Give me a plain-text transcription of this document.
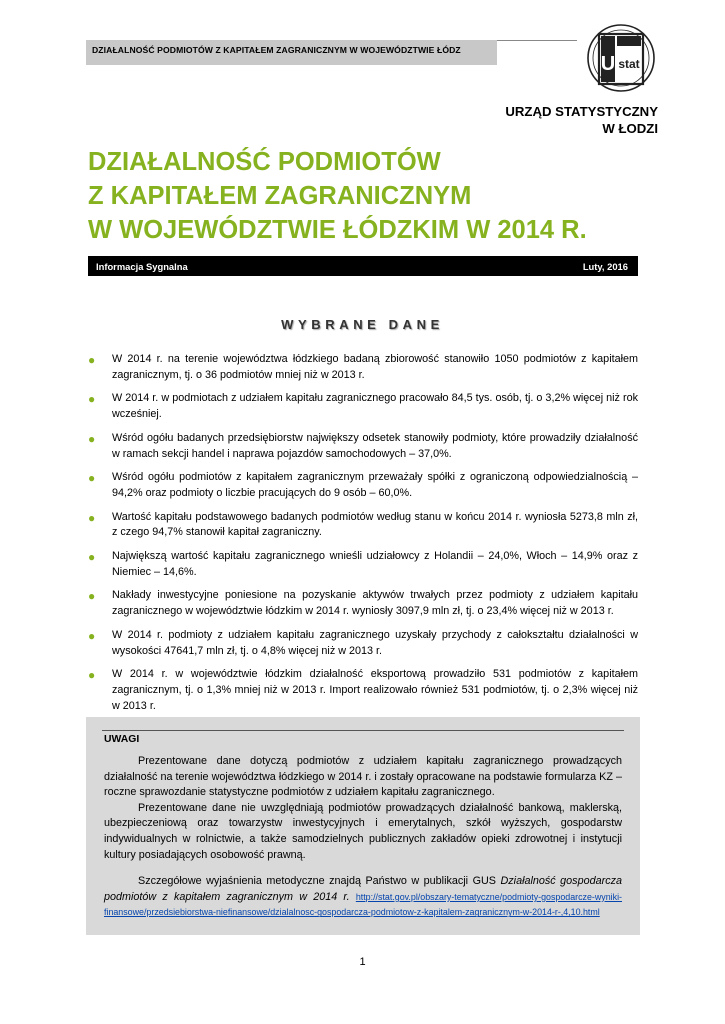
DZIAŁALNOŚĆ PODMIOTÓW Z KAPITAŁEM ZAGRANICZNYM W WOJEWÓDZTWIE ŁÓDZ
U stat
URZĄD STATYSTYCZNY
W ŁODZI
DZIAŁALNOŚĆ PODMIOTÓW
Z KAPITAŁEM ZAGRANICZNYM
W WOJEWÓDZTWIE ŁÓDZKIM W 2014 R.
Informacja Sygnalna	Luty, 2016
WYBRANE DANE
● W 2014 r. na terenie województwa łódzkiego badaną zbiorowość stanowiło 1050 podmiotów z kapitałem zagranicznym, tj. o 36 podmiotów mniej niż w 2013 r.
● W 2014 r. w podmiotach z udziałem kapitału zagranicznego pracowało 84,5 tys. osób, tj. o 3,2% więcej niż rok wcześniej.
● Wśród ogółu badanych przedsiębiorstw największy odsetek stanowiły podmioty, które prowadziły działalność w ramach sekcji handel i naprawa pojazdów samochodowych – 37,0%.
● Wśród ogółu podmiotów z kapitałem zagranicznym przeważały spółki z ograniczoną odpowiedzialnością – 94,2% oraz podmioty o liczbie pracujących do 9 osób – 60,0%.
● Wartość kapitału podstawowego badanych podmiotów według stanu w końcu 2014 r. wyniosła 5273,8 mln zł, z czego 94,7% stanowił kapitał zagraniczny.
● Największą wartość kapitału zagranicznego wnieśli udziałowcy z Holandii – 24,0%, Włoch – 14,9% oraz z Niemiec – 14,6%.
● Nakłady inwestycyjne poniesione na pozyskanie aktywów trwałych przez podmioty z udziałem kapitału zagranicznego w województwie łódzkim w 2014 r. wyniosły 3097,9 mln zł, tj. o 23,4% więcej niż w 2013 r.
● W 2014 r. podmioty z udziałem kapitału zagranicznego uzyskały przychody z całokształtu działalności w wysokości 47641,7 mln zł, tj. o 4,8% więcej niż w 2013 r.
● W 2014 r. w województwie łódzkim działalność eksportową prowadziło 531 podmiotów z kapitałem zagranicznym, tj. o 1,3% mniej niż w 2013 r. Import realizowało również 531 podmiotów, tj. o 2,3% więcej niż w 2013 r.
UWAGI

Prezentowane dane dotyczą podmiotów z udziałem kapitału zagranicznego prowadzących działalność na terenie województwa łódzkiego w 2014 r. i zostały opracowane na podstawie formularza KZ – roczne sprawozdanie statystyczne podmiotów z udziałem kapitału zagranicznego.

Prezentowane dane nie uwzględniają podmiotów prowadzących działalność bankową, maklerską, ubezpieczeniową oraz towarzystw inwestycyjnych i emerytalnych, szkół wyższych, gospodarstw indywidualnych w rolnictwie, a także samodzielnych publicznych zakładów opieki zdrowotnej i instytucji kultury posiadających osobowość prawną.

Szczegółowe wyjaśnienia metodyczne znajdą Państwo w publikacji GUS Działalność gospodarcza podmiotów z kapitałem zagranicznym w 2014 r. http://stat.gov.pl/obszary-tematyczne/podmioty-gospodarcze-wyniki-finansowe/przedsiebiorstwa-niefinansowe/dzialalnosc-gospodarcza-podmiotow-z-kapitalem-zagranicznym-w-2014-r-,4,10.html

1
